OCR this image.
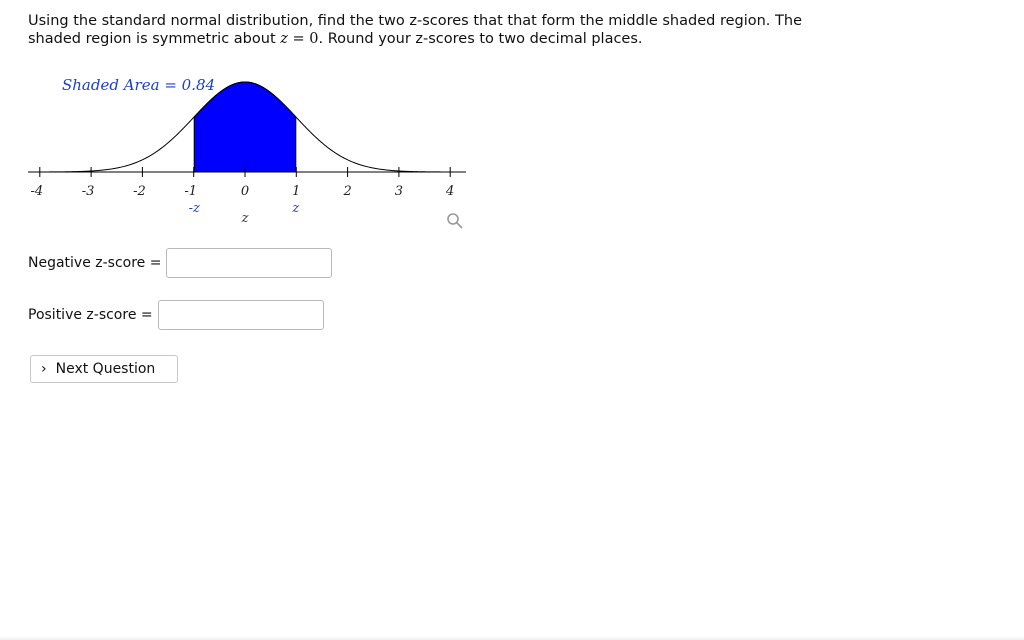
Using the standard normal distribution, find the two z-scores that that form the middle shaded region. The shaded region is symmetric about z = 0. Round your z-scores to two decimal places.
Shaded Area = 0.84
-4	-3	-2	-1	0	1	2	3	4
-z	z
z
Negative z-score =
Positive z-score =
› Next Question
